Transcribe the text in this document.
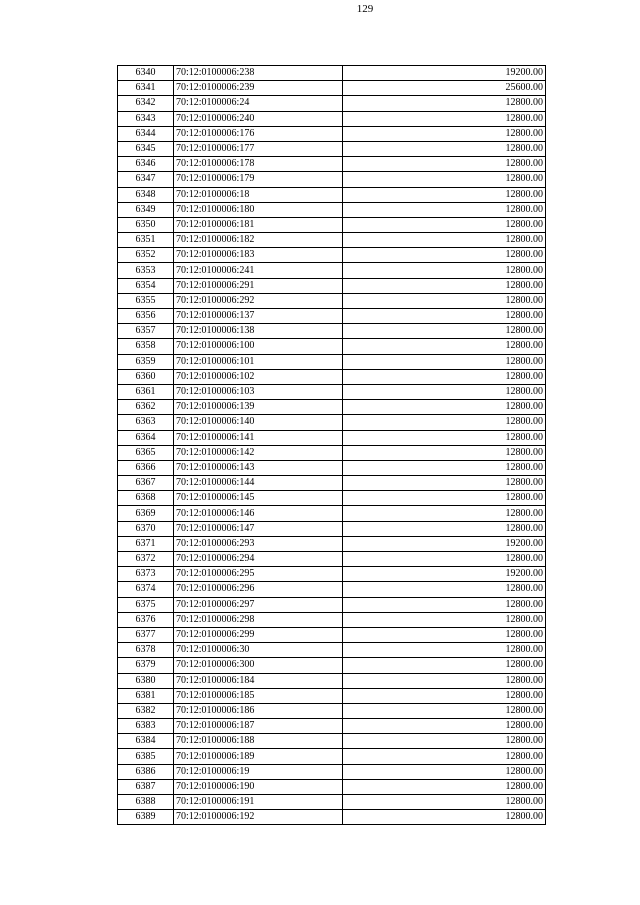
129
6340	70:12:0100006:238	19200.00
6341	70:12:0100006:239	25600.00
6342	70:12:0100006:24	12800.00
6343	70:12:0100006:240	12800.00
6344	70:12:0100006:176	12800.00
6345	70:12:0100006:177	12800.00
6346	70:12:0100006:178	12800.00
6347	70:12:0100006:179	12800.00
6348	70:12:0100006:18	12800.00
6349	70:12:0100006:180	12800.00
6350	70:12:0100006:181	12800.00
6351	70:12:0100006:182	12800.00
6352	70:12:0100006:183	12800.00
6353	70:12:0100006:241	12800.00
6354	70:12:0100006:291	12800.00
6355	70:12:0100006:292	12800.00
6356	70:12:0100006:137	12800.00
6357	70:12:0100006:138	12800.00
6358	70:12:0100006:100	12800.00
6359	70:12:0100006:101	12800.00
6360	70:12:0100006:102	12800.00
6361	70:12:0100006:103	12800.00
6362	70:12:0100006:139	12800.00
6363	70:12:0100006:140	12800.00
6364	70:12:0100006:141	12800.00
6365	70:12:0100006:142	12800.00
6366	70:12:0100006:143	12800.00
6367	70:12:0100006:144	12800.00
6368	70:12:0100006:145	12800.00
6369	70:12:0100006:146	12800.00
6370	70:12:0100006:147	12800.00
6371	70:12:0100006:293	19200.00
6372	70:12:0100006:294	12800.00
6373	70:12:0100006:295	19200.00
6374	70:12:0100006:296	12800.00
6375	70:12:0100006:297	12800.00
6376	70:12:0100006:298	12800.00
6377	70:12:0100006:299	12800.00
6378	70:12:0100006:30	12800.00
6379	70:12:0100006:300	12800.00
6380	70:12:0100006:184	12800.00
6381	70:12:0100006:185	12800.00
6382	70:12:0100006:186	12800.00
6383	70:12:0100006:187	12800.00
6384	70:12:0100006:188	12800.00
6385	70:12:0100006:189	12800.00
6386	70:12:0100006:19	12800.00
6387	70:12:0100006:190	12800.00
6388	70:12:0100006:191	12800.00
6389	70:12:0100006:192	12800.00
